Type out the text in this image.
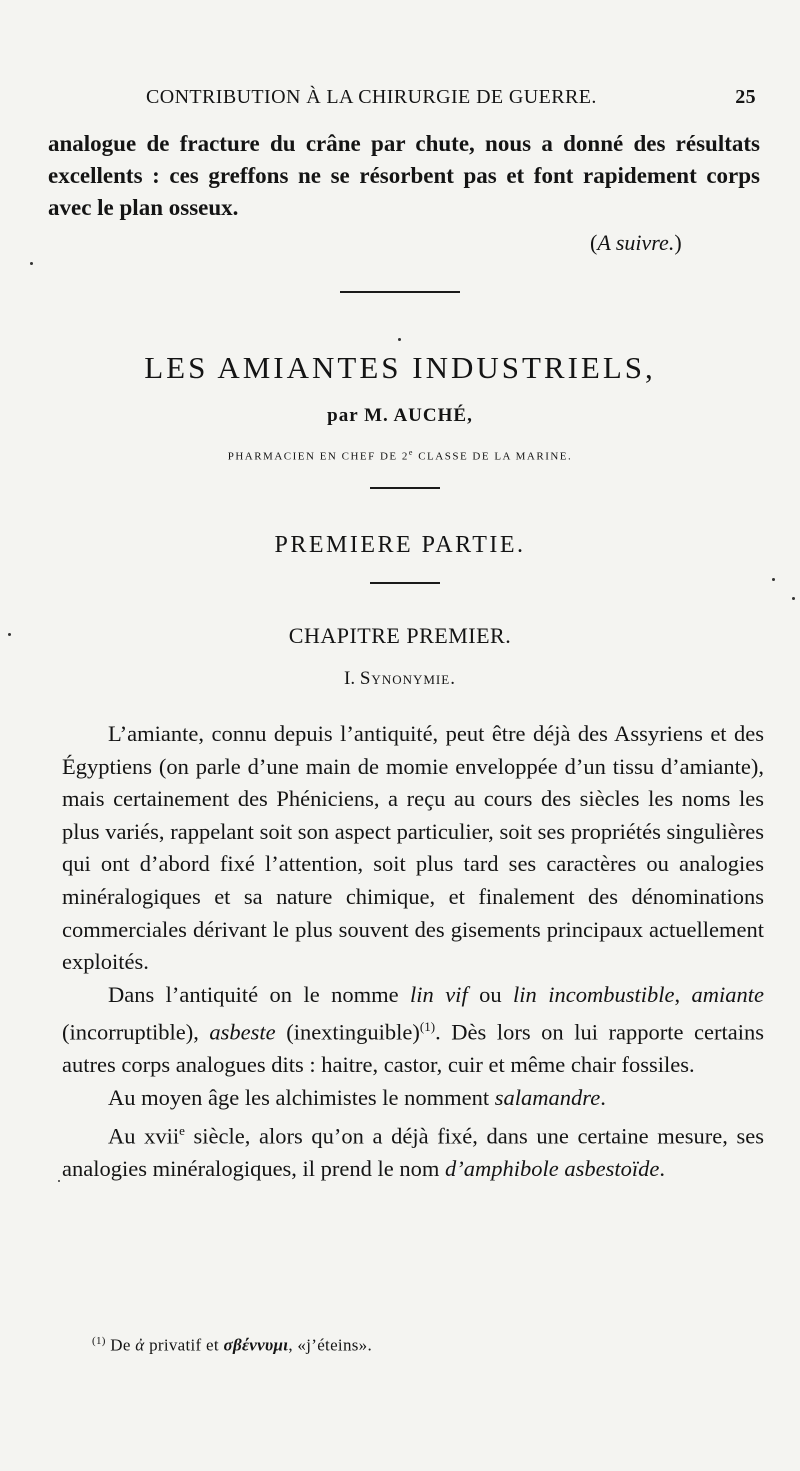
CONTRIBUTION À LA CHIRURGIE DE GUERRE.	25
analogue de fracture du crâne par chute, nous a donné des résultats excellents : ces greffons ne se résorbent pas et font rapidement corps avec le plan osseux.
(A suivre.)
LES AMIANTES INDUSTRIELS,
par M. AUCHÉ,
PHARMACIEN EN CHEF DE 2e CLASSE DE LA MARINE.
PREMIERE PARTIE.
CHAPITRE PREMIER.
I. Synonymie.

L’amiante, connu depuis l’antiquité, peut être déjà des Assyriens et des Égyptiens (on parle d’une main de momie enveloppée d’un tissu d’amiante), mais certainement des Phéniciens, a reçu au cours des siècles les noms les plus variés, rappelant soit son aspect particulier, soit ses propriétés singulières qui ont d’abord fixé l’attention, soit plus tard ses caractères ou analogies minéralogiques et sa nature chimique, et finalement des dénominations commerciales dérivant le plus souvent des gisements principaux actuellement exploités.

Dans l’antiquité on le nomme lin vif ou lin incombustible, amiante (incorruptible), asbeste (inextinguible)$^{(1)}$. Dès lors on lui rapporte certains autres corps analogues dits : haitre, castor, cuir et même chair fossiles.

Au moyen âge les alchimistes le nomment salamandre.

Au xvii$^e$ siècle, alors qu’on a déjà fixé, dans une certaine mesure, ses analogies minéralogiques, il prend le nom d’amphibole asbestoïde.

$^{(1)}$ De ἀ privatif et σβέννυμι, «j’éteins».
